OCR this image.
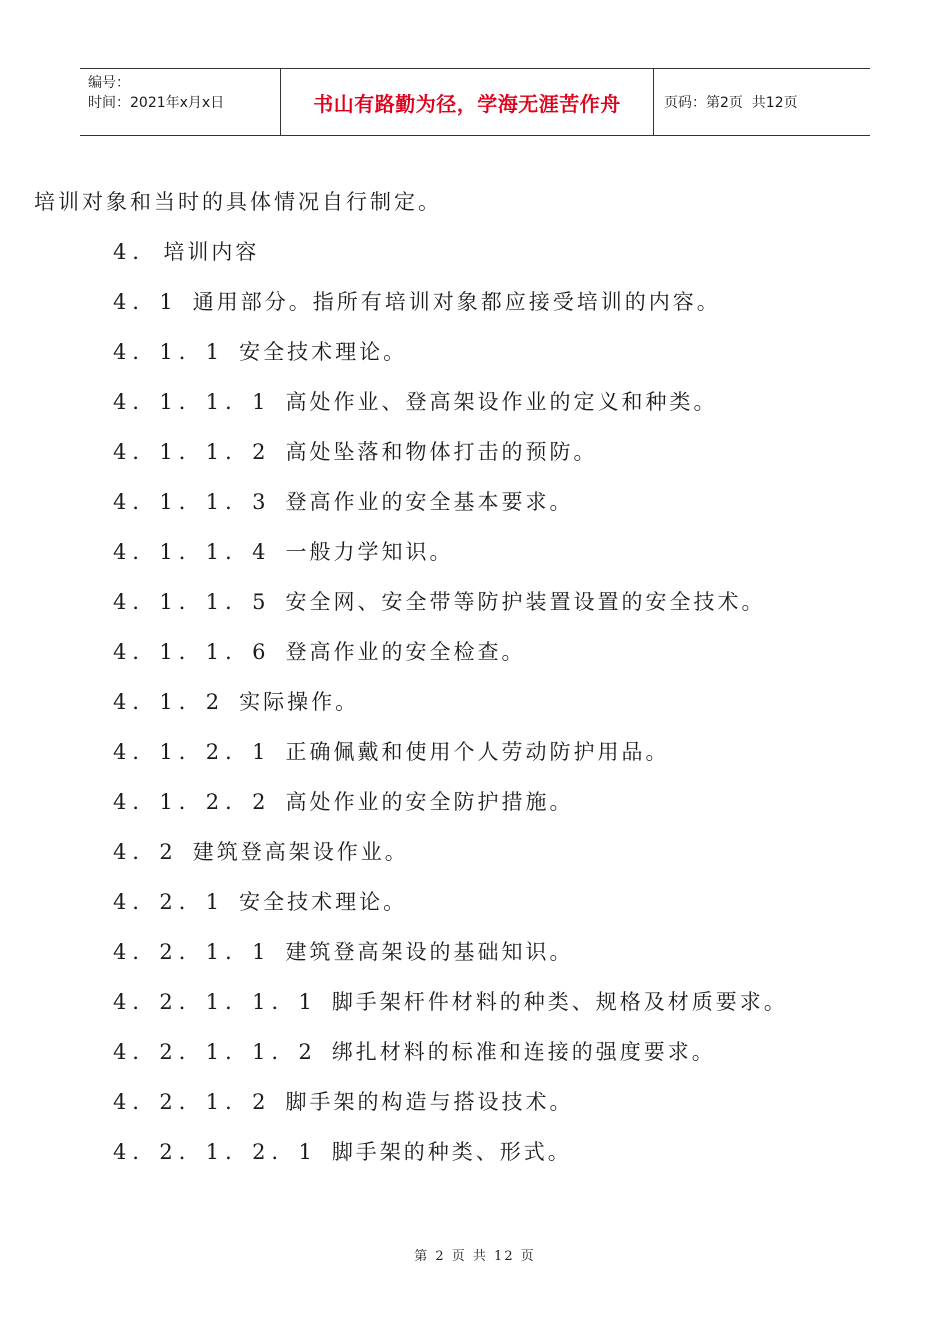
编号：
时间：2021年x月x日	书山有路勤为径，学海无涯苦作舟	页码：第2页  共12页
培训对象和当时的具体情况自行制定。
4． 培训内容
4．1 通用部分。指所有培训对象都应接受培训的内容。
4．1．1 安全技术理论。
4．1．1．1 高处作业、登高架设作业的定义和种类。
4．1．1．2 高处坠落和物体打击的预防。
4．1．1．3 登高作业的安全基本要求。
4．1．1．4 一般力学知识。
4．1．1．5 安全网、安全带等防护装置设置的安全技术。
4．1．1．6 登高作业的安全检查。
4．1．2 实际操作。
4．1．2．1 正确佩戴和使用个人劳动防护用品。
4．1．2．2 高处作业的安全防护措施。
4．2 建筑登高架设作业。
4．2．1 安全技术理论。
4．2．1．1 建筑登高架设的基础知识。
4．2．1．1．1 脚手架杆件材料的种类、规格及材质要求。
4．2．1．1．2 绑扎材料的标准和连接的强度要求。
4．2．1．2 脚手架的构造与搭设技术。
4．2．1．2．1 脚手架的种类、形式。
第 2 页 共 12 页
